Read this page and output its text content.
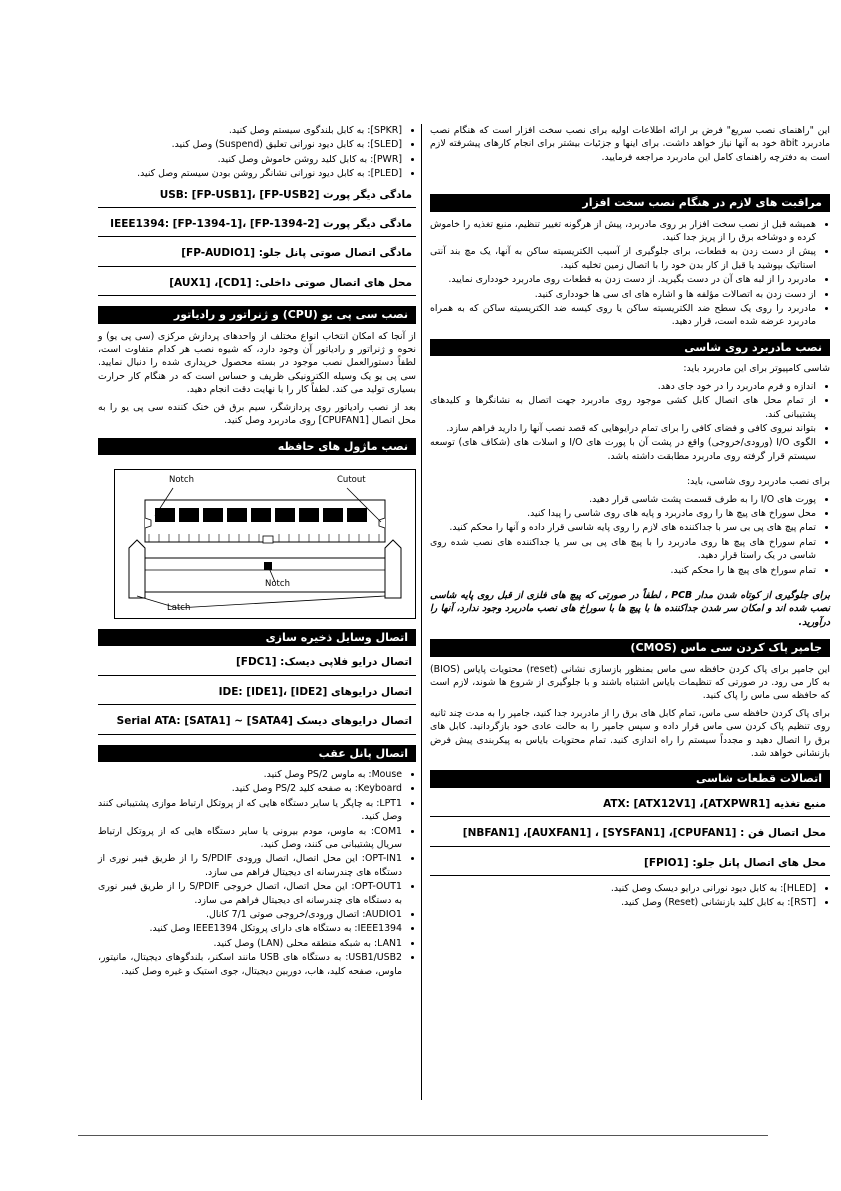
این "راهنمای نصب سریع" فرض بر ارائه اطلاعات اولیه برای نصب سخت افزار است که هنگام نصب مادربرد abit خود به آنها نیاز خواهد داشت. برای اینها و جزئیات بیشتر برای انجام کارهای پیشرفته لازم است به دفترچه راهنمای کامل این مادربرد مراجعه فرمایید.

مراقبت های لازم در هنگام نصب سخت افزار
• همیشه قبل از نصب سخت افزار بر روی مادربرد، پیش از هرگونه تغییر تنظیم، منبع تغذیه را خاموش کرده و دوشاخه برق را از پریز جدا کنید.
• پیش از دست زدن به قطعات، برای جلوگیری از آسیب الکتریسیته ساکن به آنها، یک مچ بند آنتی استاتیک بپوشید یا قبل از کار بدن خود را با اتصال زمین تخلیه کنید.
• مادربرد را از لبه های آن در دست بگیرید. از دست زدن به قطعات روی مادربرد خودداری نمایید.
• از دست زدن به اتصالات مؤلفه ها و اشاره های ای سی ها خودداری کنید.
• مادربرد را روی یک سطح ضد الکتریسیته ساکن یا روی کیسه ضد الکتریسیته ساکن که به همراه مادربرد عرضه شده است، قرار دهید.
نصب مادربرد روی شاسی

شاسی کامپیوتر برای این مادربرد باید:

• اندازه و فرم مادربرد را در خود جای دهد.
• از تمام محل های اتصال کابل کشی موجود روی مادربرد جهت اتصال به نشانگرها و کلیدهای پشتیبانی کند.
• بتواند نیروی کافی و فضای کافی را برای تمام درایوهایی که قصد نصب آنها را دارید فراهم سازد.
• الگوی I/O (ورودی/خروجی) واقع در پشت آن با پورت های I/O و اسلات های (شکاف های) توسعه سیستم قرار گرفته روی مادربرد مطابقت داشته باشد.

برای نصب مادربرد روی شاسی، باید:

• پورت های I/O را به طرف قسمت پشت شاسی قرار دهید.
• محل سوراخ های پیچ ها را روی مادربرد و پایه های روی شاسی را پیدا کنید.
• تمام پیچ های پی بی سر با جداکننده های لازم را روی پایه شاسی قرار داده و آنها را محکم کنید.
• تمام سوراخ های پیچ ها روی مادربرد را با پیچ های پی بی سر یا جداکننده های نصب شده روی شاسی در یک راستا قرار دهید.
• تمام سوراخ های پیچ ها را محکم کنید.

برای جلوگیری از کوتاه شدن مدار PCB ، لطفاً در صورتی که پیچ های فلزی از قبل روی پایه شاسی نصب شده اند و امکان سر شدن جداکننده ها با پیچ ها با سوراخ های نصب مادربرد وجود ندارد، آنها را درآورید.

جامپر پاک کردن سی ماس (CMOS)

این جامپر برای پاک کردن حافظه سی ماس بمنظور بازسازی نشانی (reset) محتویات پایاس (BIOS) به کار می رود. در صورتی که تنظیمات بایاس اشتباه باشند و با جلوگیری از شروع ها شوند، لازم است که حافظه سی ماس را پاک کنید.

برای پاک کردن حافظه سی ماس، تمام کابل های برق را از مادربرد جدا کنید، جامپر را به مدت چند ثانیه روی تنظیم پاک کردن سی ماس قرار داده و سپس جامپر را به حالت عادی خود بازگردانید. کابل های برق را اتصال دهید و مجدداً سیستم را راه اندازی کنید. تمام محتویات بایاس به پیکربندی پیش فرض بازنشانی خواهد شد.

اتصالات قطعات شاسی
منبع تغذیه ATX: [ATX12V1] ،[ATXPWR1]
محل اتصال فن : [CPUFAN1]، [SYSFAN1] ، [AUXFAN1]، [NBFAN1]
محل های اتصال پانل جلو: [FPIO1]
• [HLED]: به کابل دیود نورانی درایو دیسک وصل کنید.
• [RST]: به کابل کلید بازنشانی (Reset) وصل کنید.
• [SPKR]: به کابل بلندگوی سیستم وصل کنید.
• [SLED]: به کابل دیود نورانی تعلیق (Suspend) وصل کنید.
• [PWR]: به کابل کلید روشن خاموش وصل کنید.
• [PLED]: به کابل دیود نورانی نشانگر روشن بودن سیستم وصل کنید.
مادگی دیگر پورت USB: [FP-USB1]، [FP-USB2]
مادگی دیگر پورت IEEE1394: [FP-1394-1]، [FP-1394-2]
مادگی اتصال صوتی پانل جلو: [FP-AUDIO1]
محل های اتصال صوتی داخلی: [CD1]، [AUX1]
نصب سی پی یو (CPU) و ژنراتور و رادیاتور

از آنجا که امکان انتخاب انواع مختلف از واحدهای پردازش مرکزی (سی پی یو) و نحوه و ژنراتور و رادیاتور آن وجود دارد، که شیوه نصب هر کدام متفاوت است، لطفاً دستورالعمل نصب موجود در بسته محصول خریداری شده را دنبال نمایید. سی پی یو یک وسیله الکترونیکی ظریف و حساس است که در هنگام کار حرارت بسیاری تولید می کند. لطفاً کار را با نهایت دقت انجام دهید.

بعد از نصب رادیاتور روی پردازشگر، سیم برق فن خنک کننده سی پی یو را به محل اتصال [CPUFAN1] روی مادربرد وصل کنید.

نصب ماژول های حافظه
Notch	Cutout
Notch
Latch
اتصال وسایل ذخیره سازی
اتصال درایو فلاپی دیسک: [FDC1]
اتصال درایوهای IDE: [IDE1]، [IDE2]
اتصال درایوهای دیسک Serial ATA: [SATA1] ~ [SATA4]
اتصال پانل عقب
• Mouse: به ماوس PS/2 وصل کنید.
• Keyboard: به صفحه کلید PS/2 وصل کنید.
• LPT1: به چاپگر یا سایر دستگاه هایی که از پروتکل ارتباط موازی پشتیبانی کنند وصل کنید.
• COM1: به ماوس، مودم بیرونی یا سایر دستگاه هایی که از پروتکل ارتباط سریال پشتیبانی می کنند، وصل کنید.
• OPT-IN1: این محل اتصال، اتصال ورودی S/PDIF را از طریق فیبر نوری از دستگاه های چندرسانه ای دیجیتال فراهم می سازد.
• OPT-OUT1: این محل اتصال، اتصال خروجی S/PDIF را از طریق فیبر نوری به دستگاه های چندرسانه ای دیجیتال فراهم می سازد.
• AUDIO1: اتصال ورودی/خروجی صوتی 7/1 کانال.
• IEEE1394: به دستگاه های دارای پروتکل IEEE1394 وصل کنید.
• LAN1: به شبکه منطقه محلی (LAN) وصل کنید.
• USB1/USB2: به دستگاه های USB مانند اسکنر، بلندگوهای دیجیتال، مانیتور، ماوس، صفحه کلید، هاب، دوربین دیجیتال، جوی استیک و غیره وصل کنید.
